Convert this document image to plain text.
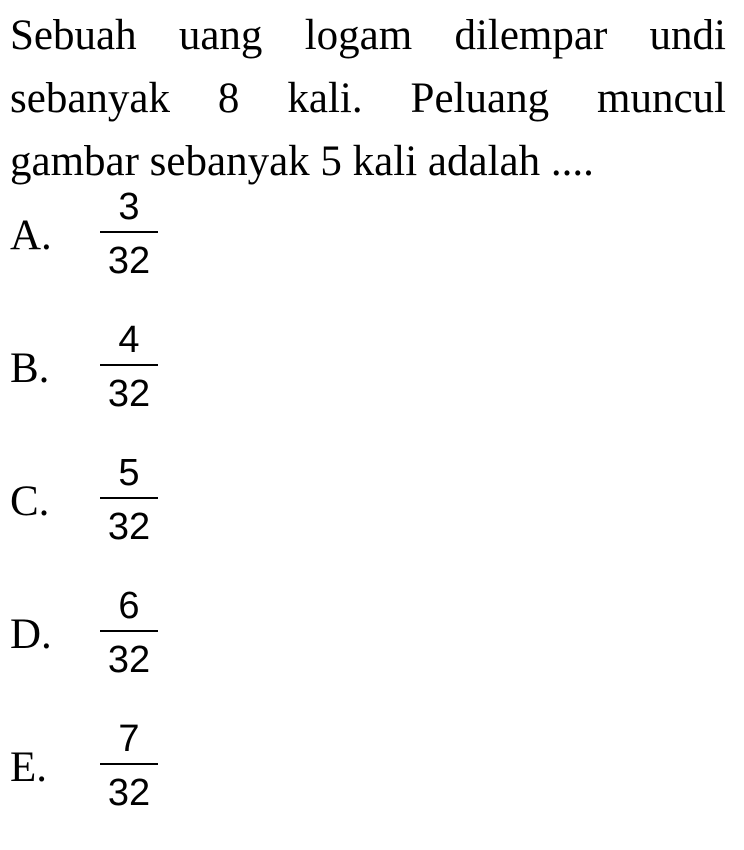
Sebuah uang logam dilempar undi
sebanyak 8 kali. Peluang muncul
gambar sebanyak 5 kali adalah ....
A.
3
32
B.
4
32
C.
5
32
D.
6
32
E.
7
32
